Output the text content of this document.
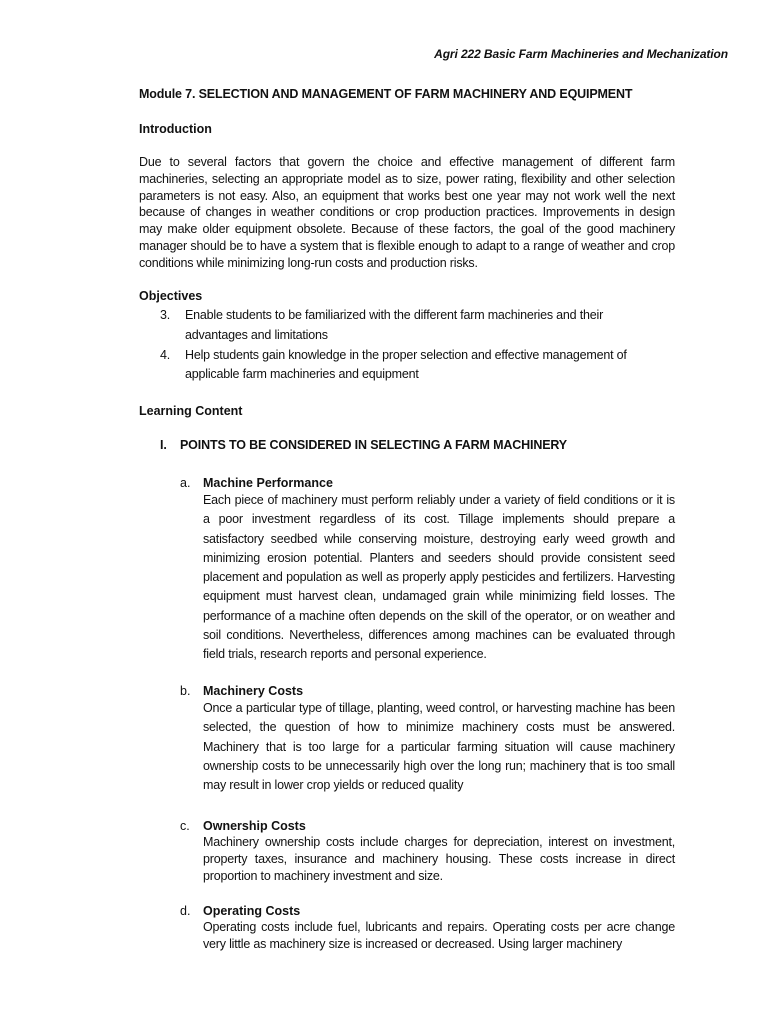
Agri 222 Basic Farm Machineries and Mechanization
Module 7. SELECTION AND MANAGEMENT OF FARM MACHINERY AND EQUIPMENT
Introduction
Due to several factors that govern the choice and effective management of different farm machineries, selecting an appropriate model as to size, power rating, flexibility and other selection parameters is not easy. Also, an equipment that works best one year may not work well the next because of changes in weather conditions or crop production practices. Improvements in design may make older equipment obsolete. Because of these factors, the goal of the good machinery manager should be to have a system that is flexible enough to adapt to a range of weather and crop conditions while minimizing long-run costs and production risks.
Objectives
3. Enable students to be familiarized with the different farm machineries and their advantages and limitations
4. Help students gain knowledge in the proper selection and effective management of applicable farm machineries and equipment
Learning Content
I. POINTS TO BE CONSIDERED IN SELECTING A FARM MACHINERY
a. Machine Performance
Each piece of machinery must perform reliably under a variety of field conditions or it is a poor investment regardless of its cost. Tillage implements should prepare a satisfactory seedbed while conserving moisture, destroying early weed growth and minimizing erosion potential. Planters and seeders should provide consistent seed placement and population as well as properly apply pesticides and fertilizers. Harvesting equipment must harvest clean, undamaged grain while minimizing field losses. The performance of a machine often depends on the skill of the operator, or on weather and soil conditions. Nevertheless, differences among machines can be evaluated through field trials, research reports and personal experience.
b. Machinery Costs
Once a particular type of tillage, planting, weed control, or harvesting machine has been selected, the question of how to minimize machinery costs must be answered. Machinery that is too large for a particular farming situation will cause machinery ownership costs to be unnecessarily high over the long run; machinery that is too small may result in lower crop yields or reduced quality
c. Ownership Costs
Machinery ownership costs include charges for depreciation, interest on investment, property taxes, insurance and machinery housing. These costs increase in direct proportion to machinery investment and size.
d. Operating Costs
Operating costs include fuel, lubricants and repairs. Operating costs per acre change very little as machinery size is increased or decreased. Using larger machinery
